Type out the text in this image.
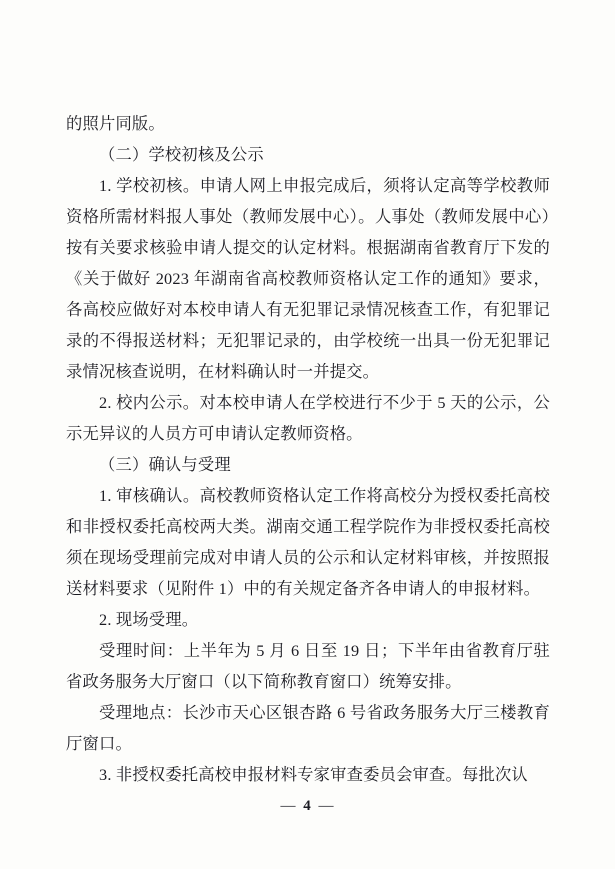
的照片同版。

（二）学校初核及公示

1. 学校初核。申请人网上申报完成后，须将认定高等学校教师资格所需材料报人事处（教师发展中心）。人事处（教师发展中心）按有关要求核验申请人提交的认定材料。根据湖南省教育厅下发的《关于做好 2023 年湖南省高校教师资格认定工作的通知》要求，各高校应做好对本校申请人有无犯罪记录情况核查工作，有犯罪记录的不得报送材料；无犯罪记录的，由学校统一出具一份无犯罪记录情况核查说明，在材料确认时一并提交。

2. 校内公示。对本校申请人在学校进行不少于 5 天的公示，公示无异议的人员方可申请认定教师资格。

（三）确认与受理

1. 审核确认。高校教师资格认定工作将高校分为授权委托高校和非授权委托高校两大类。湖南交通工程学院作为非授权委托高校须在现场受理前完成对申请人员的公示和认定材料审核，并按照报送材料要求（见附件 1）中的有关规定备齐各申请人的申报材料。

2. 现场受理。

受理时间：上半年为 5 月 6 日至 19 日；下半年由省教育厅驻省政务服务大厅窗口（以下简称教育窗口）统筹安排。

受理地点：长沙市天心区银杏路 6 号省政务服务大厅三楼教育厅窗口。

3. 非授权委托高校申报材料专家审查委员会审查。每批次认

— 4 —
